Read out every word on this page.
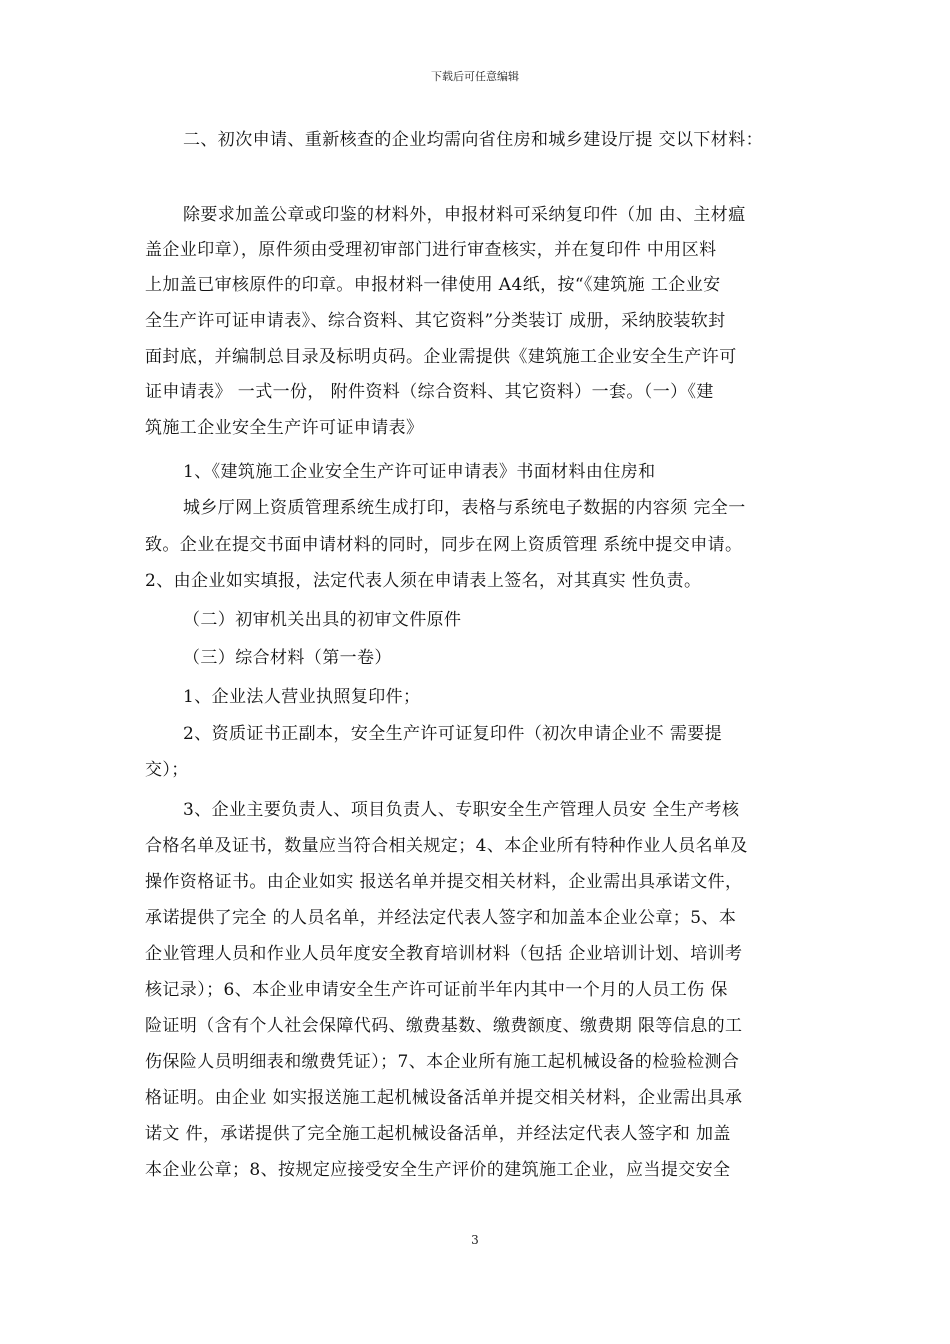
下载后可任意编辑
二、初次申请、重新核查的企业均需向省住房和城乡建设厅提 交以下材料：
除要求加盖公章或印鉴的材料外，申报材料可采纳复印件（加 由、主材瘟
盖企业印章），原件须由受理初审部门进行审查核实，并在复印件 中用区料
上加盖已审核原件的印章。申报材料一律使用 A4纸，按“《建筑施 工企业安
全生产许可证申请表》、综合资料、其它资料”分类装订 成册，采纳胶装软封
面封底，并编制总目录及标明贞码。企业需提供《建筑施工企业安全生产许可
证申请表》 一式一份， 附件资料（综合资料、其它资料）一套。（一）《建
筑施工企业安全生产许可证申请表》
1、《建筑施工企业安全生产许可证申请表》书面材料由住房和
城乡厅网上资质管理系统生成打印，表格与系统电子数据的内容须 完全一
致。企业在提交书面申请材料的同时，同步在网上资质管理 系统中提交申请。
2、由企业如实填报，法定代表人须在申请表上签名，对其真实 性负责。
（二）初审机关出具的初审文件原件
（三）综合材料（第一卷）
1、企业法人营业执照复印件；
2、资质证书正副本，安全生产许可证复印件（初次申请企业不 需要提
交）；
3、企业主要负责人、项目负责人、专职安全生产管理人员安 全生产考核
合格名单及证书，数量应当符合相关规定；4、本企业所有特种作业人员名单及
操作资格证书。由企业如实 报送名单并提交相关材料，企业需出具承诺文件，
承诺提供了完全 的人员名单，并经法定代表人签字和加盖本企业公章；5、本
企业管理人员和作业人员年度安全教育培训材料（包括 企业培训计划、培训考
核记录）；6、本企业申请安全生产许可证前半年内其中一个月的人员工伤 保
险证明（含有个人社会保障代码、缴费基数、缴费额度、缴费期 限等信息的工
伤保险人员明细表和缴费凭证）；7、本企业所有施工起机械设备的检验检测合
格证明。由企业 如实报送施工起机械设备活单并提交相关材料，企业需出具承
诺文 件，承诺提供了完全施工起机械设备活单，并经法定代表人签字和 加盖
本企业公章；8、按规定应接受安全生产评价的建筑施工企业，应当提交安全
3
